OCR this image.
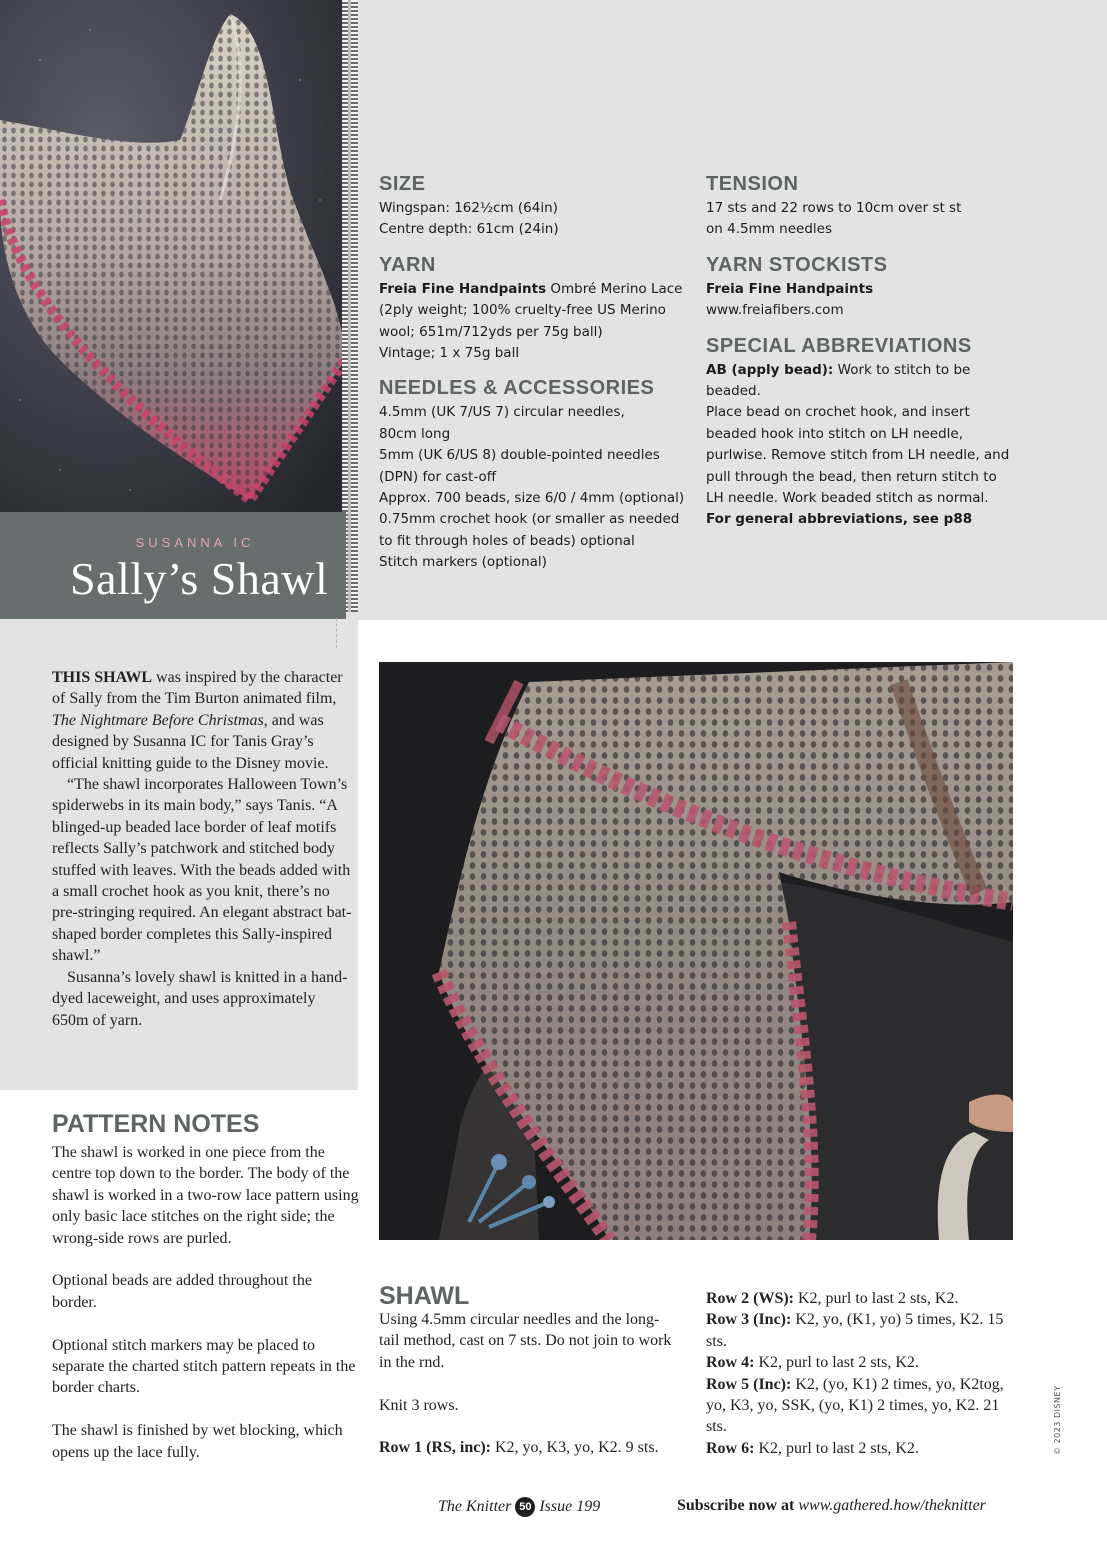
SUSANNA IC
Sally’s Shawl
SIZE

Wingspan: 162½cm (64in)

Centre depth: 61cm (24in)

YARN

Freia Fine Handpaints Ombré Merino Lace

(2ply weight; 100% cruelty-free US Merino

wool; 651m/712yds per 75g ball)

Vintage; 1 x 75g ball

NEEDLES & ACCESSORIES

4.5mm (UK 7/US 7) circular needles,

80cm long

5mm (UK 6/US 8) double-pointed needles

(DPN) for cast-off

Approx. 700 beads, size 6/0 / 4mm (optional)

0.75mm crochet hook (or smaller as needed

to fit through holes of beads) optional

Stitch markers (optional)

TENSION

17 sts and 22 rows to 10cm over st st

on 4.5mm needles

YARN STOCKISTS

Freia Fine Handpaints

www.freiafibers.com

SPECIAL ABBREVIATIONS

AB (apply bead): Work to stitch to be beaded.

Place bead on crochet hook, and insert

beaded hook into stitch on LH needle,

purlwise. Remove stitch from LH needle, and

pull through the bead, then return stitch to

LH needle. Work beaded stitch as normal.

For general abbreviations, see p88

THIS SHAWL was inspired by the character of Sally from the Tim Burton animated film, The Nightmare Before Christmas, and was designed by Susanna IC for Tanis Gray’s official knitting guide to the Disney movie.

“The shawl incorporates Halloween Town’s spiderwebs in its main body,” says Tanis. “A blinged-up beaded lace border of leaf motifs reflects Sally’s patchwork and stitched body stuffed with leaves. With the beads added with a small crochet hook as you knit, there’s no pre-stringing required. An elegant abstract bat-shaped border completes this Sally-inspired shawl.”

Susanna’s lovely shawl is knitted in a hand-dyed laceweight, and uses approximately 650m of yarn.

PATTERN NOTES

The shawl is worked in one piece from the centre top down to the border. The body of the shawl is worked in a two-row lace pattern using only basic lace stitches on the right side; the wrong-side rows are purled.

Optional beads are added throughout the border.

Optional stitch markers may be placed to separate the charted stitch pattern repeats in the border charts.

The shawl is finished by wet blocking, which opens up the lace fully.

SHAWL

Using 4.5mm circular needles and the long-tail method, cast on 7 sts. Do not join to work in the rnd.

Knit 3 rows.

Row 1 (RS, inc): K2, yo, K3, yo, K2. 9 sts.

Row 2 (WS): K2, purl to last 2 sts, K2.

Row 3 (Inc): K2, yo, (K1, yo) 5 times, K2. 15 sts.

Row 4: K2, purl to last 2 sts, K2.

Row 5 (Inc): K2, (yo, K1) 2 times, yo, K2tog, yo, K3, yo, SSK, (yo, K1) 2 times, yo, K2. 21 sts.

Row 6: K2, purl to last 2 sts, K2.	© 2023 DISNEY
The Knitter 50 Issue 199	Subscribe now at www.gathered.how/theknitter
